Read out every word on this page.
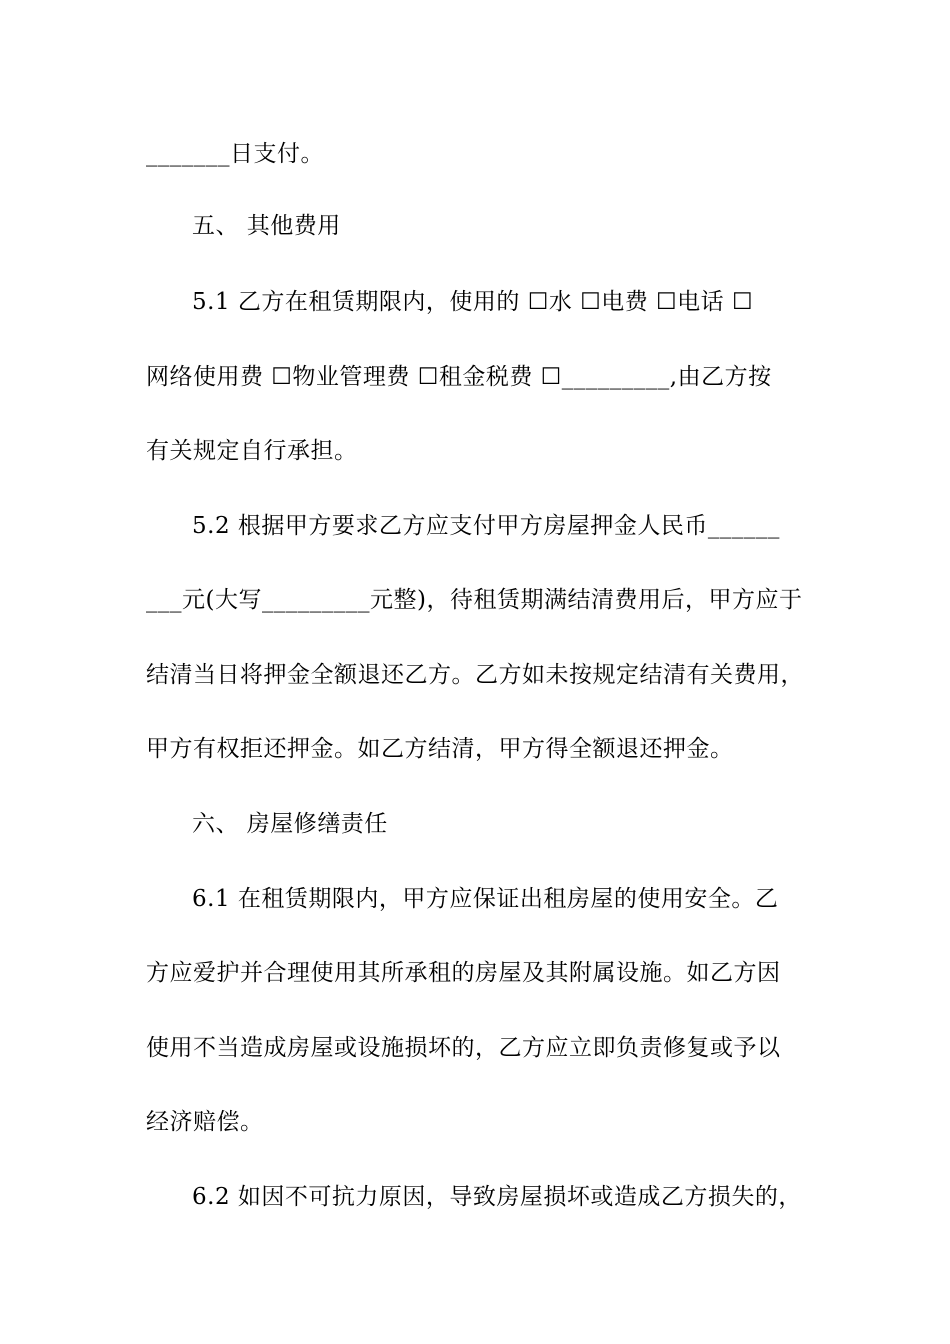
_______日支付。
五、 其他费用
5.1 乙方在租赁期限内，使用的 ☐水 ☐电费 ☐电话 ☐
网络使用费 ☐物业管理费 ☐租金税费 ☐_________,由乙方按
有关规定自行承担。
5.2 根据甲方要求乙方应支付甲方房屋押金人民币______
___元(大写_________元整)，待租赁期满结清费用后，甲方应于
结清当日将押金全额退还乙方。乙方如未按规定结清有关费用，
甲方有权拒还押金。如乙方结清，甲方得全额退还押金。
六、 房屋修缮责任
6.1 在租赁期限内，甲方应保证出租房屋的使用安全。乙
方应爱护并合理使用其所承租的房屋及其附属设施。如乙方因
使用不当造成房屋或设施损坏的，乙方应立即负责修复或予以
经济赔偿。
6.2 如因不可抗力原因，导致房屋损坏或造成乙方损失的，
